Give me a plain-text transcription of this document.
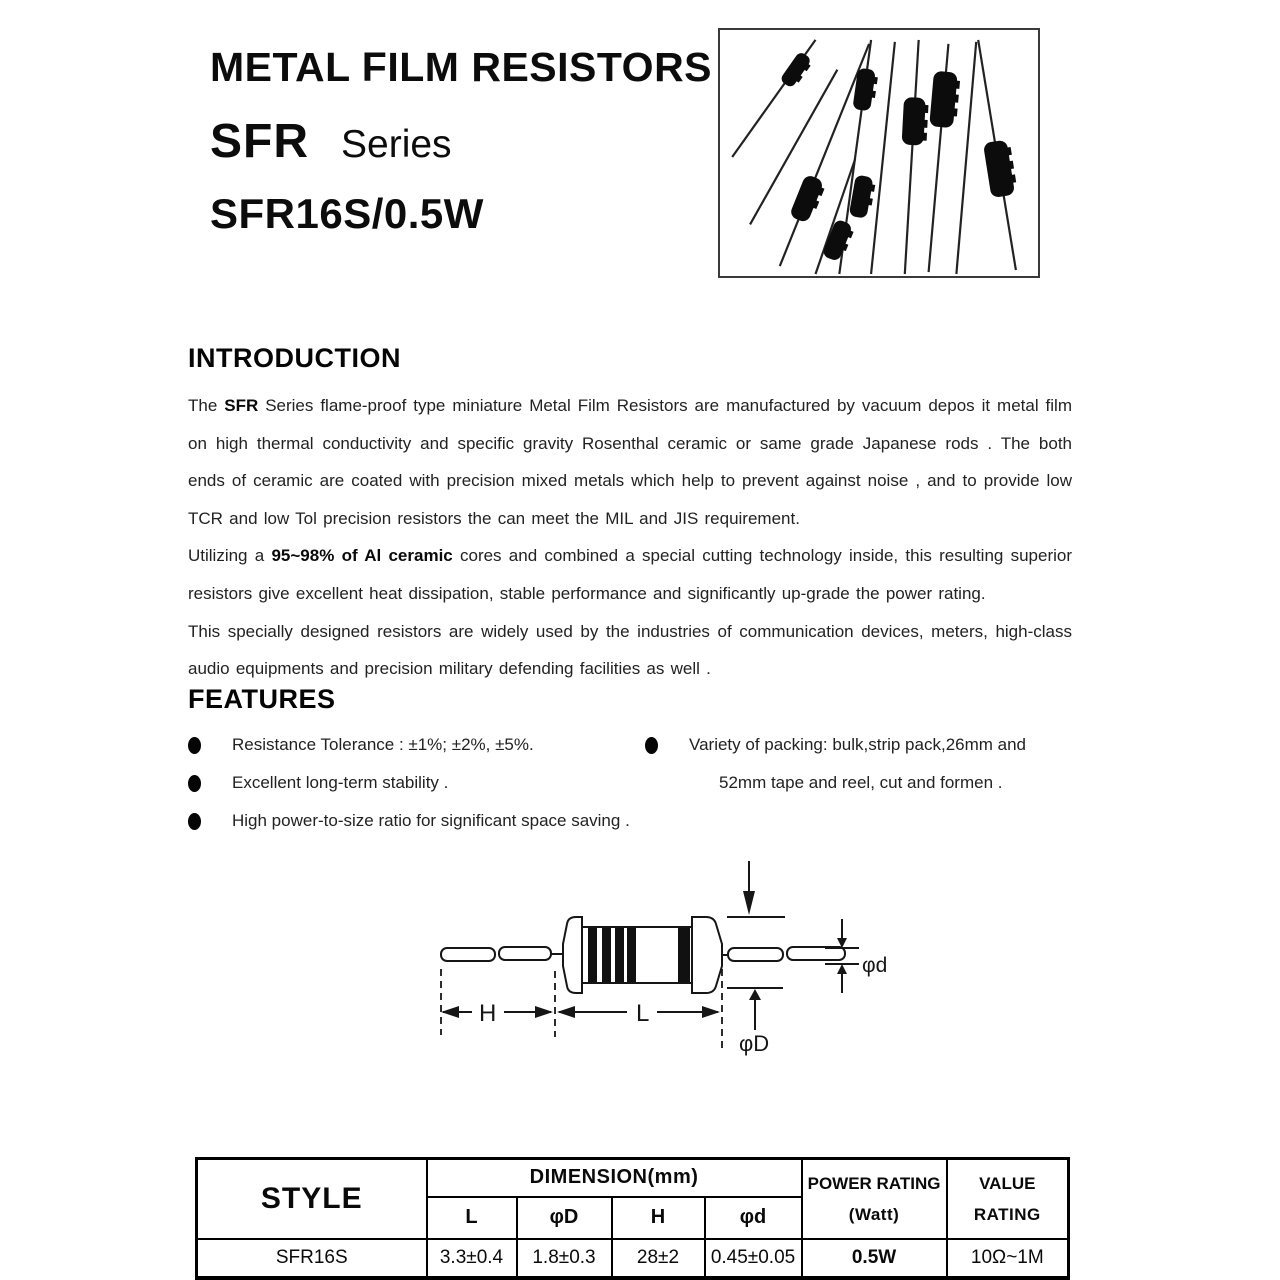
METAL FILM RESISTORS
SFR Series
SFR16S/0.5W
INTRODUCTION

The SFR Series flame-proof type miniature Metal Film Resistors are manufactured by vacuum depos it metal film on high thermal conductivity and specific gravity Rosenthal ceramic or same grade Japanese rods . The both ends of ceramic are coated with precision mixed metals which help to prevent against noise , and to provide low TCR and low Tol precision resistors the can meet the MIL and JIS requirement.

Utilizing a 95~98% of Al ceramic cores and combined a special cutting technology inside, this resulting superior resistors give excellent heat dissipation, stable performance and significantly up-grade the power rating.

This specially designed resistors are widely used by the industries of communication devices, meters, high-class audio equipments and precision military defending facilities as well .

FEATURES
Resistance Tolerance : ±1%; ±2%, ±5%.
Excellent long-term stability .
High power-to-size ratio for significant space saving .
Variety of packing: bulk,strip pack,26mm and
52mm tape and reel, cut and formen .
φd
H	L
φD
STYLE	DIMENSION(mm)	POWER RATING
(Watt)

VALUE
RATING

	L	φD	H	φd		
SFR16S	3.3±0.4	1.8±0.3	28±2	0.45±0.05	0.5W	10Ω~1M
